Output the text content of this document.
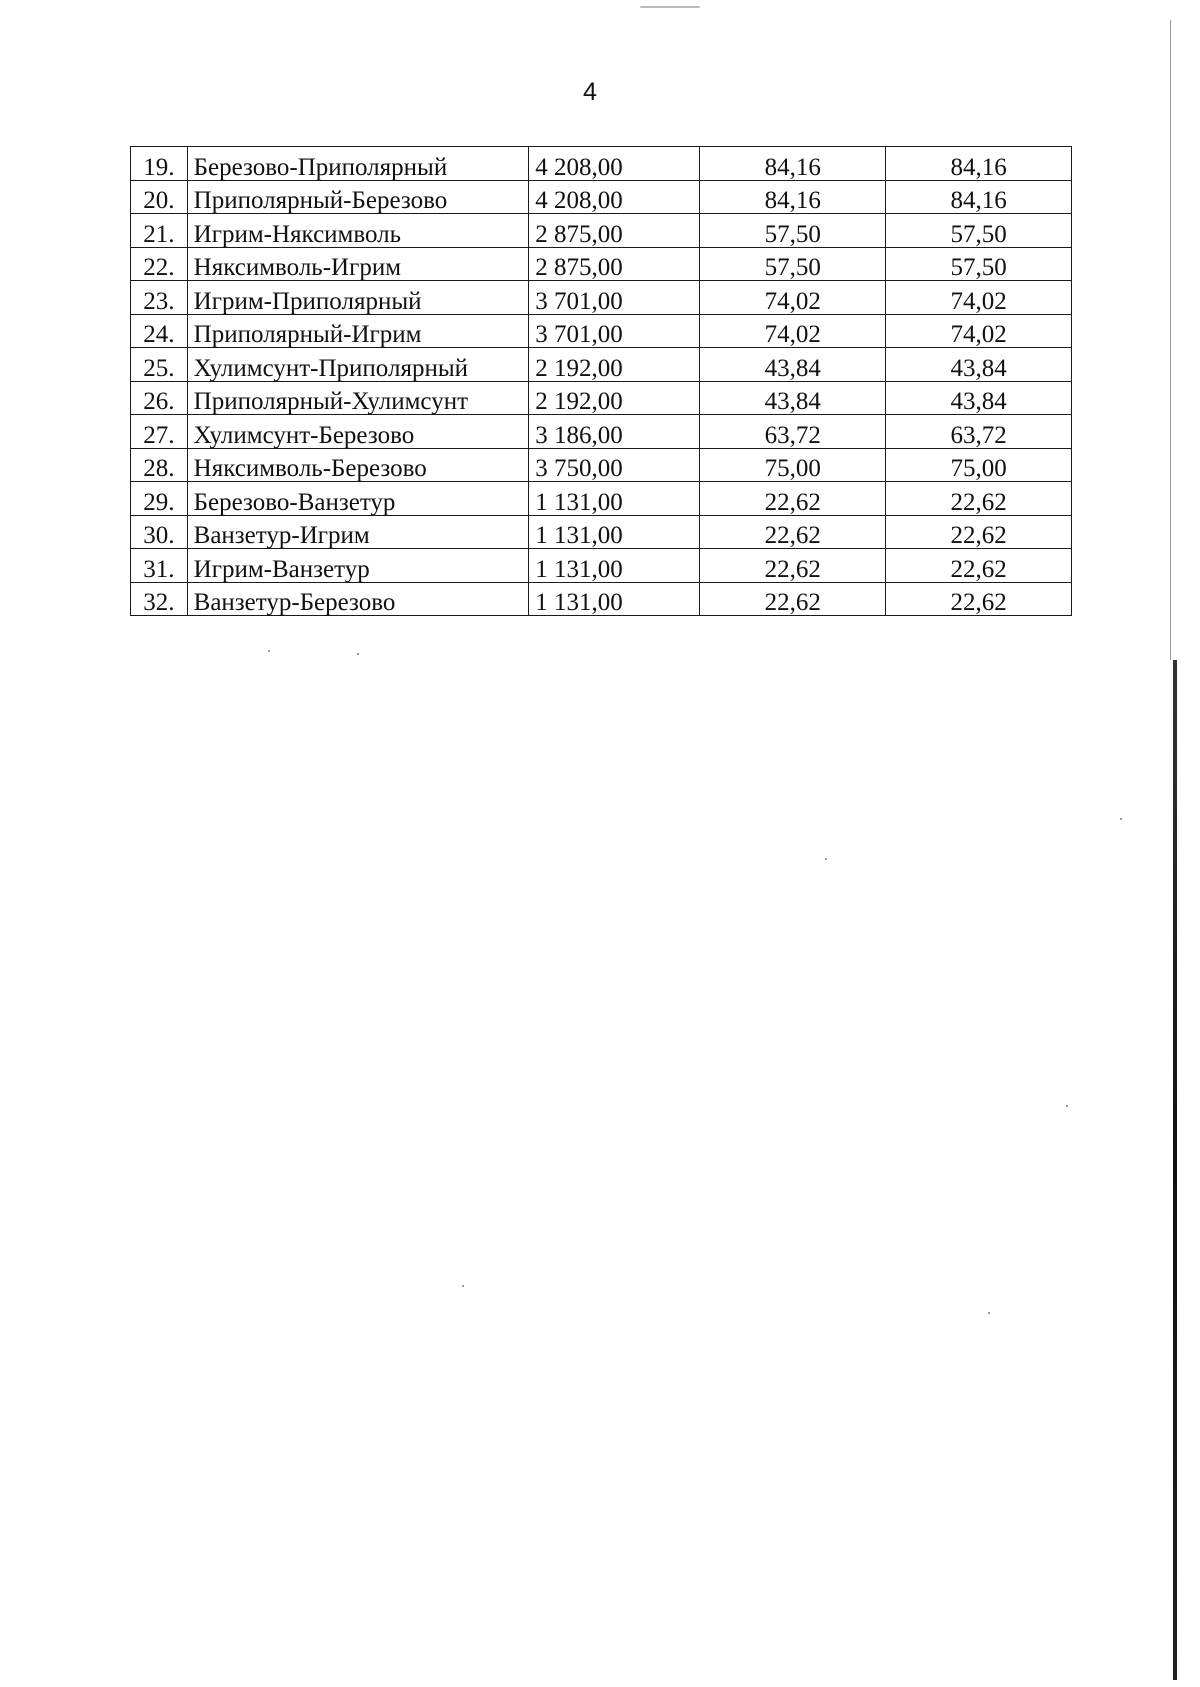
4
19.	Березово-Приполярный	4 208,00	84,16	84,16
20.	Приполярный-Березово	4 208,00	84,16	84,16
21.	Игрим-Няксимволь	2 875,00	57,50	57,50
22.	Няксимволь-Игрим	2 875,00	57,50	57,50
23.	Игрим-Приполярный	3 701,00	74,02	74,02
24.	Приполярный-Игрим	3 701,00	74,02	74,02
25.	Хулимсунт-Приполярный	2 192,00	43,84	43,84
26.	Приполярный-Хулимсунт	2 192,00	43,84	43,84
27.	Хулимсунт-Березово	3 186,00	63,72	63,72
28.	Няксимволь-Березово	3 750,00	75,00	75,00
29.	Березово-Ванзетур	1 131,00	22,62	22,62
30.	Ванзетур-Игрим	1 131,00	22,62	22,62
31.	Игрим-Ванзетур	1 131,00	22,62	22,62
32.	Ванзетур-Березово	1 131,00	22,62	22,62
